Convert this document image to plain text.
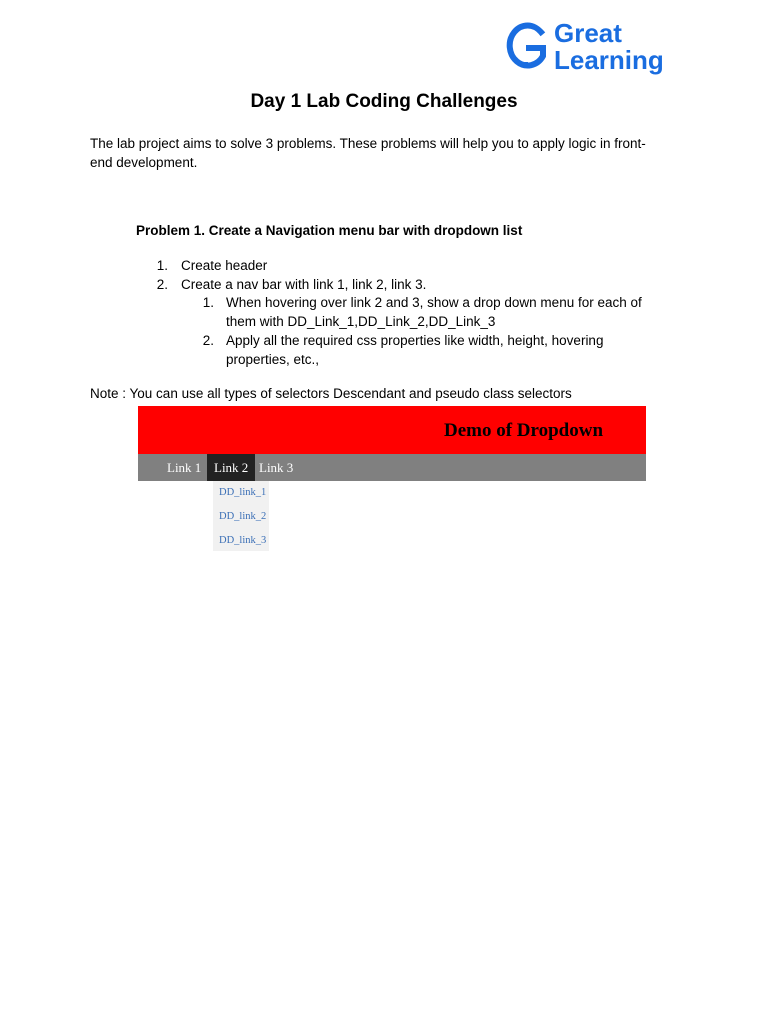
Great
Learning
Day 1 Lab Coding Challenges
The lab project aims to solve 3 problems. These problems will help you to apply logic in front-end development.
Problem 1. Create a Navigation menu bar with dropdown list
1. Create header
2. Create a nav bar with link 1, link 2, link 3.
1. When hovering over link 2 and 3, show a drop down menu for each of
them with DD_Link_1,DD_Link_2,DD_Link_3
2. Apply all the required css properties like width, height, hovering
properties, etc.,
Note : You can use all types of selectors Descendant and pseudo class selectors
Demo of Dropdown
Link 1 Link 2 Link 3
DD_link_1
DD_link_2
DD_link_3
